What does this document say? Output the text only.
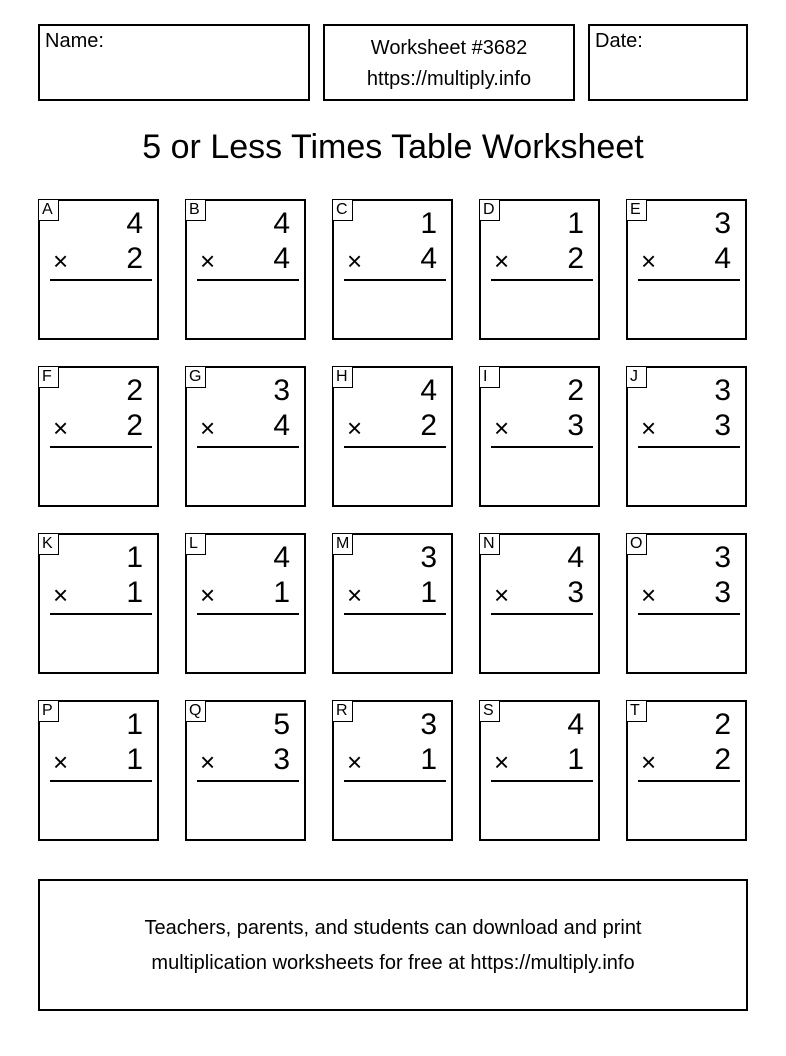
Name:	Worksheet #3682
https://multiply.info
Date:
5 or Less Times Table Worksheet
A 4
× 2
B 4
× 4
C 1
× 4
D 1
× 2
E 3
× 4
F 2
× 2
G 3
× 4
H 4
× 2
I	2
× 3
J	3
× 3
K 1
× 1
L	4
× 1
M 3
× 1
N 4
× 3
O 3
× 3
P 1
× 1
Q 5
× 3
R 3
× 1
S 4
× 1
T 2
× 2
Teachers, parents, and students can download and print
multiplication worksheets for free at https://multiply.info
